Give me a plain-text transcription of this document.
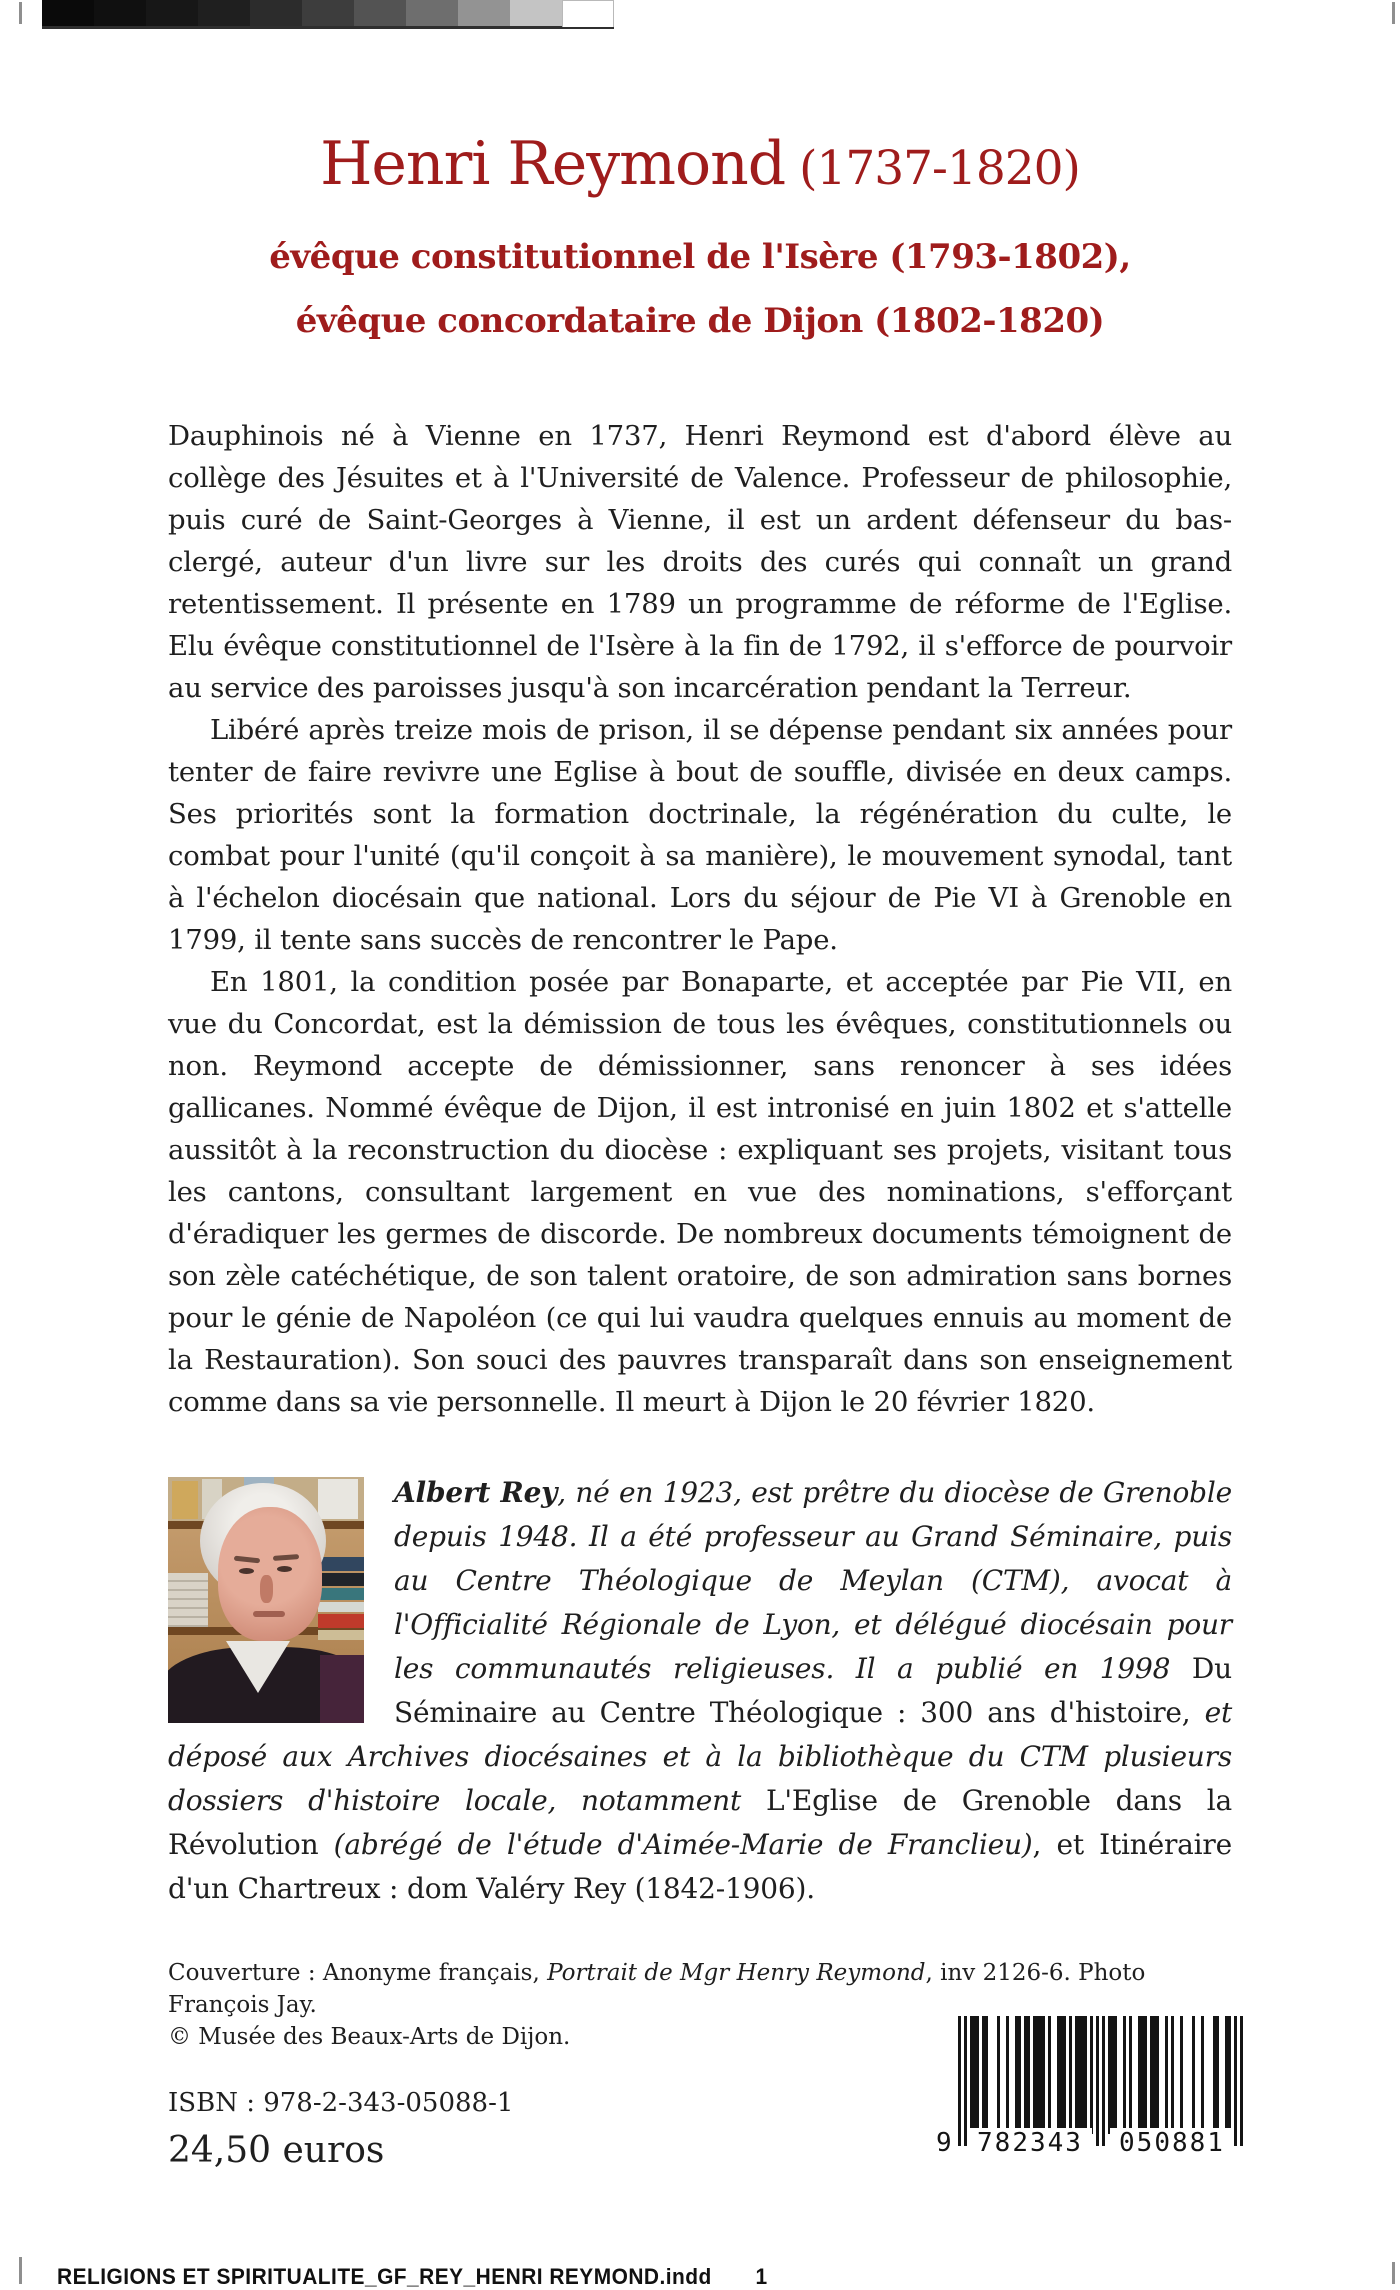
Henri Reymond (1737-1820)
évêque constitutionnel de l'Isère (1793-1802),
évêque concordataire de Dijon (1802-1820)

Dauphinois né à Vienne en 1737, Henri Reymond est d'abord élève au collège des Jésuites et à l'Université de Valence. Professeur de philosophie, puis curé de Saint-Georges à Vienne, il est un ardent défenseur du bas-clergé, auteur d'un livre sur les droits des curés qui connaît un grand retentissement. Il présente en 1789 un programme de réforme de l'Eglise. Elu évêque constitutionnel de l'Isère à la fin de 1792, il s'efforce de pourvoir au service des paroisses jusqu'à son incarcération pendant la Terreur.

Libéré après treize mois de prison, il se dépense pendant six années pour tenter de faire revivre une Eglise à bout de souffle, divisée en deux camps. Ses priorités sont la formation doctrinale, la régénération du culte, le combat pour l'unité (qu'il conçoit à sa manière), le mouvement synodal, tant à l'échelon diocésain que national. Lors du séjour de Pie VI à Grenoble en 1799, il tente sans succès de rencontrer le Pape.

En 1801, la condition posée par Bonaparte, et acceptée par Pie VII, en vue du Concordat, est la démission de tous les évêques, constitutionnels ou non. Reymond accepte de démissionner, sans renoncer à ses idées gallicanes. Nommé évêque de Dijon, il est intronisé en juin 1802 et s'attelle aussitôt à la reconstruction du diocèse : expliquant ses projets, visitant tous les cantons, consultant largement en vue des nominations, s'efforçant d'éradiquer les germes de discorde. De nombreux documents témoignent de son zèle catéchétique, de son talent oratoire, de son admiration sans bornes pour le génie de Napoléon (ce qui lui vaudra quelques ennuis au moment de la Restauration). Son souci des pauvres transparaît dans son enseignement comme dans sa vie personnelle. Il meurt à Dijon le 20 février 1820.

Albert Rey, né en 1923, est prêtre du diocèse de Grenoble depuis 1948. Il a été professeur au Grand Séminaire, puis au Centre Théologique de Meylan (CTM), avocat à l'Officialité Régionale de Lyon, et délégué diocésain pour les communautés religieuses. Il a publié en 1998 Du Séminaire au Centre Théologique : 300 ans d'histoire, et déposé aux Archives diocésaines et à la bibliothèque du CTM plusieurs dossiers d'histoire locale, notamment L'Eglise de Grenoble dans la Révolution (abrégé de l'étude d'Aimée-Marie de Franclieu), et Itinéraire d'un Chartreux : dom Valéry Rey (1842-1906).
Couverture : Anonyme français, Portrait de Mgr Henry Reymond, inv 2126-6. Photo François Jay.
© Musée des Beaux-Arts de Dijon.
ISBN : 978-2-343-05088-1
24,50 euros	9 782343	050881
RELIGIONS ET SPIRITUALITE_GF_REY_HENRI REYMOND.indd 1
